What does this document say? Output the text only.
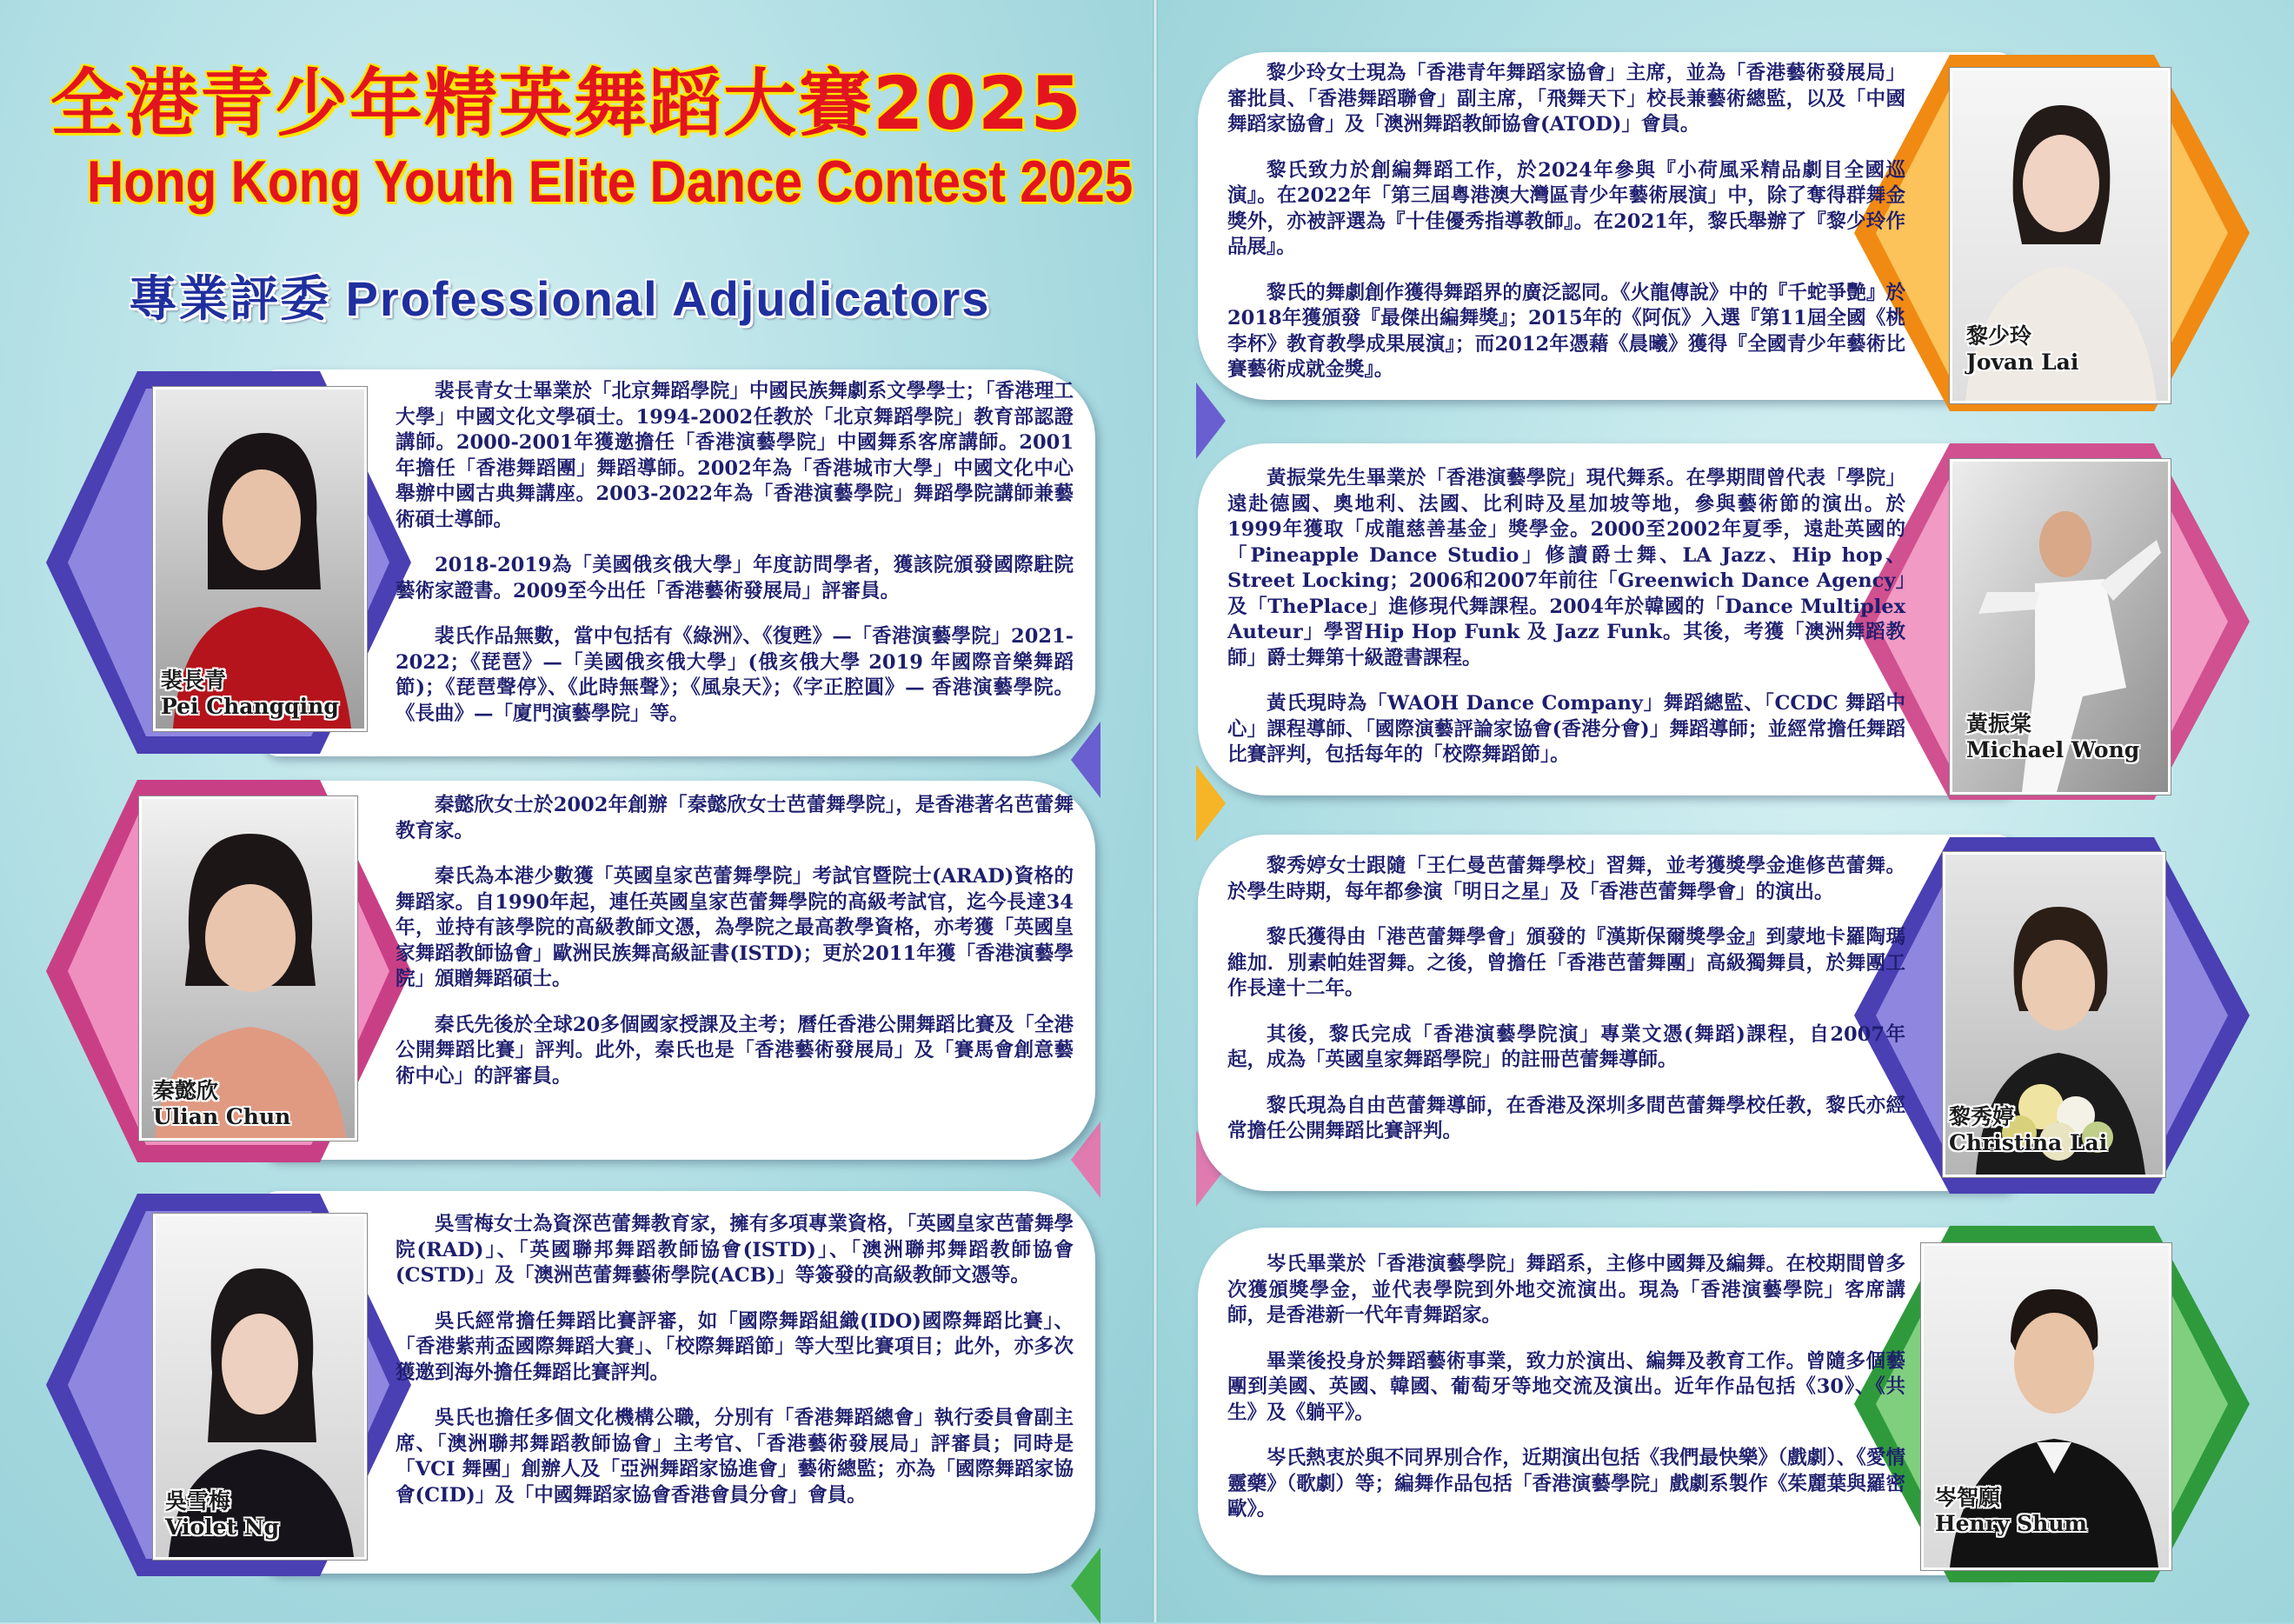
全港青少年精英舞蹈大賽2025
Hong Kong Youth Elite Dance Contest 2025
專業評委 Professional Adjudicators
裴長青
Pei Changqing

裴長青女士畢業於「北京舞蹈學院」中國民族舞劇系文學學士；「香港理工大學」中國文化文學碩士。1994-2002任教於「北京舞蹈學院」教育部認證講師。2000-2001年獲邀擔任「香港演藝學院」中國舞系客席講師。2001年擔任「香港舞蹈團」舞蹈導師。2002年為「香港城市大學」中國文化中心舉辦中國古典舞講座。2003-2022年為「香港演藝學院」舞蹈學院講師兼藝術碩士導師。

2018-2019為「美國俄亥俄大學」年度訪問學者，獲該院頒發國際駐院藝術家證書。2009至今出任「香港藝術發展局」評審員。

裴氏作品無數，當中包括有《綠洲》、《復甦》—「香港演藝學院」2021-2022；《琵琶》—「美國俄亥俄大學」(俄亥俄大學 2019 年國際音樂舞蹈節)；《琵琶聲停》、《此時無聲》；《風泉天》；《字正腔圓》— 香港演藝學院。《長曲》—「廈門演藝學院」等。

秦懿欣
Ulian Chun

秦懿欣女士於2002年創辦「秦懿欣女士芭蕾舞學院」，是香港著名芭蕾舞教育家。

秦氏為本港少數獲「英國皇家芭蕾舞學院」考試官暨院士(ARAD)資格的舞蹈家。自1990年起，連任英國皇家芭蕾舞學院的高級考試官，迄今長達34年，並持有該學院的高級教師文憑，為學院之最高教學資格，亦考獲「英國皇家舞蹈教師協會」歐洲民族舞高級証書(ISTD)；更於2011年獲「香港演藝學院」頒贈舞蹈碩士。

秦氏先後於全球20多個國家授課及主考；曆任香港公開舞蹈比賽及「全港公開舞蹈比賽」評判。此外，秦氏也是「香港藝術發展局」及「賽馬會創意藝術中心」的評審員。

吳雪梅
Violet Ng

吳雪梅女士為資深芭蕾舞教育家，擁有多項專業資格，「英國皇家芭蕾舞學院(RAD)」、「英國聯邦舞蹈教師協會(ISTD)」、「澳洲聯邦舞蹈教師協會(CSTD)」及「澳洲芭蕾舞藝術學院(ACB)」等簽發的高級教師文憑等。

吳氏經常擔任舞蹈比賽評審，如「國際舞蹈組織(IDO)國際舞蹈比賽」、「香港紫荊盃國際舞蹈大賽」、「校際舞蹈節」等大型比賽項目；此外，亦多次獲邀到海外擔任舞蹈比賽評判。

吳氏也擔任多個文化機構公職，分別有「香港舞蹈總會」執行委員會副主席、「澳洲聯邦舞蹈教師協會」主考官、「香港藝術發展局」評審員；同時是「VCI 舞團」創辦人及「亞洲舞蹈家協進會」藝術總監；亦為「國際舞蹈家協會(CID)」及「中國舞蹈家協會香港會員分會」會員。

黎少玲
Jovan Lai

黎少玲女士現為「香港青年舞蹈家協會」主席，並為「香港藝術發展局」審批員、「香港舞蹈聯會」副主席，「飛舞天下」校長兼藝術總監，以及「中國舞蹈家協會」及「澳洲舞蹈教師協會(ATOD)」會員。

黎氏致力於創編舞蹈工作，於2024年參與『小荷風采精品劇目全國巡演』。在2022年「第三屆粵港澳大灣區青少年藝術展演」中，除了奪得群舞金獎外，亦被評選為『十佳優秀指導教師』。在2021年，黎氏舉辦了『黎少玲作品展』。

黎氏的舞劇創作獲得舞蹈界的廣泛認同。《火龍傳說》中的『千蛇爭艷』於2018年獲頒發『最傑出編舞獎』；2015年的《阿佤》入選『第11屆全國《桃李杯》教育教學成果展演』；而2012年憑藉《晨曦》獲得『全國青少年藝術比賽藝術成就金獎』。

黃振棠
Michael Wong

黃振棠先生畢業於「香港演藝學院」現代舞系。在學期間曾代表「學院」遠赴德國、奧地利、法國、比利時及星加坡等地，參與藝術節的演出。於1999年獲取「成龍慈善基金」獎學金。2000至2002年夏季，遠赴英國的「Pineapple Dance Studio」修讀爵士舞、LA Jazz、Hip hop、Street Locking；2006和2007年前往「Greenwich Dance Agency」及「ThePlace」進修現代舞課程。2004年於韓國的「Dance Multiplex Auteur」學習Hip Hop Funk 及 Jazz Funk。其後，考獲「澳洲舞蹈教師」爵士舞第十級證書課程。

黃氏現時為「WAOH Dance Company」舞蹈總監、「CCDC 舞蹈中心」課程導師、「國際演藝評論家協會(香港分會)」舞蹈導師；並經常擔任舞蹈比賽評判，包括每年的「校際舞蹈節」。

黎秀婷
Christina Lai

黎秀婷女士跟隨「王仁曼芭蕾舞學校」習舞，並考獲獎學金進修芭蕾舞。於學生時期，每年都參演「明日之星」及「香港芭蕾舞學會」的演出。

黎氏獲得由「港芭蕾舞學會」頒發的『漢斯保爾獎學金』到蒙地卡羅陶瑪維加．別素帕娃習舞。之後，曾擔任「香港芭蕾舞團」高級獨舞員，於舞團工作長達十二年。

其後，黎氏完成「香港演藝學院演」專業文憑(舞蹈)課程，自2007年起，成為「英國皇家舞蹈學院」的註冊芭蕾舞導師。

黎氏現為自由芭蕾舞導師，在香港及深圳多間芭蕾舞學校任教，黎氏亦經常擔任公開舞蹈比賽評判。

岑智願
Henry Shum

岑氏畢業於「香港演藝學院」舞蹈系，主修中國舞及編舞。在校期間曾多次獲頒獎學金，並代表學院到外地交流演出。現為「香港演藝學院」客席講師，是香港新一代年青舞蹈家。

畢業後投身於舞蹈藝術事業，致力於演出、編舞及教育工作。曾隨多個藝團到美國、英國、韓國、葡萄牙等地交流及演出。近年作品包括《30》、《共生》及《躺平》。

岑氏熱衷於與不同界別合作，近期演出包括《我們最快樂》（戲劇）、《愛情靈藥》（歌劇）等；編舞作品包括「香港演藝學院」戲劇系製作《茱麗葉與羅密歐》。
